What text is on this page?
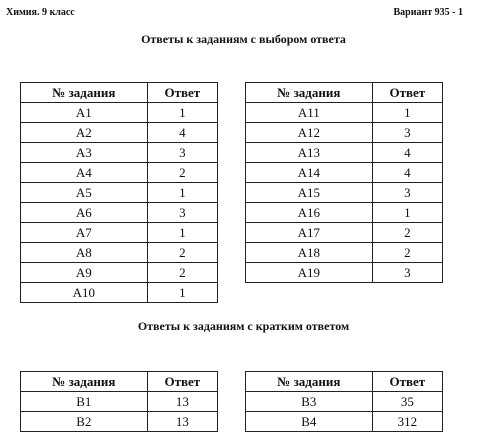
Химия. 9 класс	Вариант 935 - 1
Ответы к заданиям с выбором ответа
№ задания	Ответ
A1	1
A2	4
A3	3
A4	2
A5	1
A6	3
A7	1
A8	2
A9	2
A10	1
№ задания	Ответ
A11	1
A12	3
A13	4
A14	4
A15	3
A16	1
A17	2
A18	2
A19	3
Ответы к заданиям с кратким ответом
№ задания	Ответ
B1	13
B2	13
№ задания	Ответ
B3	35
B4	312
